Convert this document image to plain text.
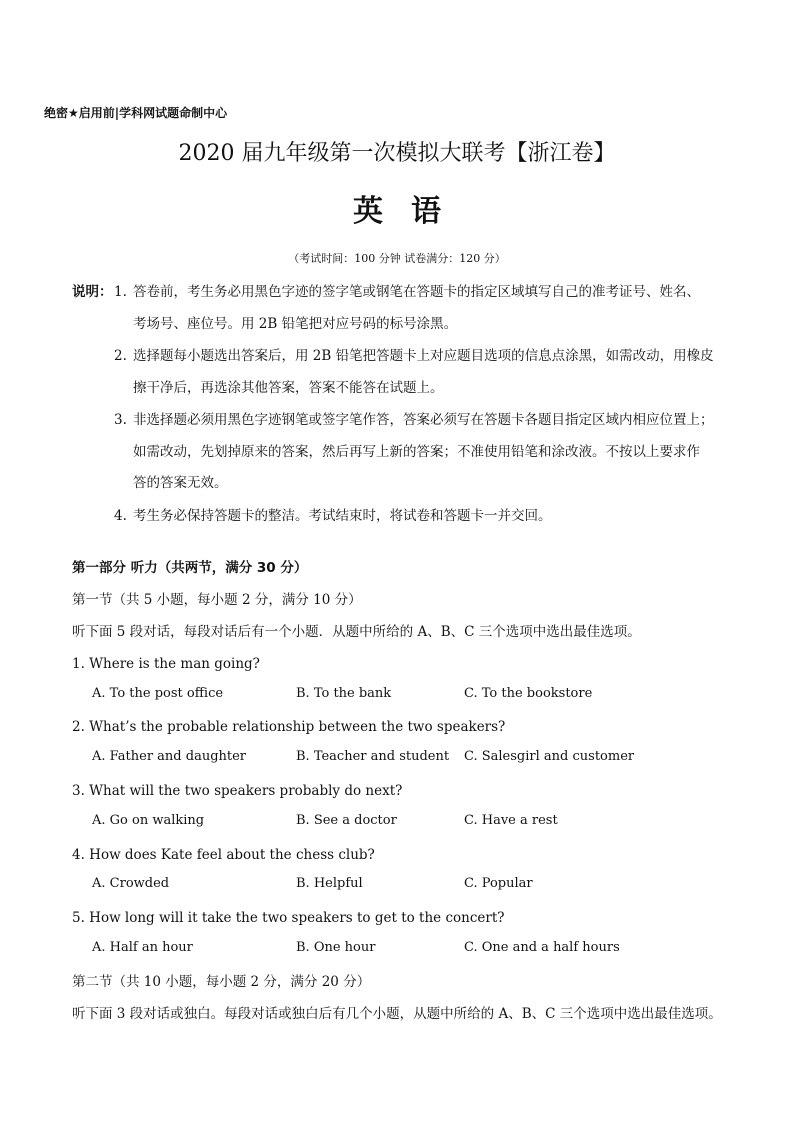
绝密★启用前|学科网试题命制中心
2020 届九年级第一次模拟大联考【浙江卷】
英语
（考试时间：100 分钟 试卷满分：120 分）
说明： 1. 答卷前，考生务必用黑色字迹的签字笔或钢笔在答题卡的指定区域填写自己的准考证号、姓名、
考场号、座位号。用 2B 铅笔把对应号码的标号涂黑。
2. 选择题每小题选出答案后，用 2B 铅笔把答题卡上对应题目选项的信息点涂黑，如需改动，用橡皮
擦干净后，再选涂其他答案，答案不能答在试题上。
3. 非选择题必须用黑色字迹钢笔或签字笔作答，答案必须写在答题卡各题目指定区域内相应位置上；
如需改动，先划掉原来的答案，然后再写上新的答案；不准使用铅笔和涂改液。不按以上要求作
答的答案无效。
4. 考生务必保持答题卡的整洁。考试结束时，将试卷和答题卡一并交回。
第一部分 听力（共两节，满分 30 分）
第一节（共 5 小题，每小题 2 分，满分 10 分）
听下面 5 段对话，每段对话后有一个小题．从题中所给的 A、B、C 三个选项中选出最佳选项。
1. Where is the man going?
A. To the post office	B. To the bank	C. To the bookstore
2. What’s the probable relationship between the two speakers?
A. Father and daughter	B. Teacher and student C. Salesgirl and customer
3. What will the two speakers probably do next?
A. Go on walking	B. See a doctor	C. Have a rest
4. How does Kate feel about the chess club?
A. Crowded	B. Helpful	C. Popular
5. How long will it take the two speakers to get to the concert?
A. Half an hour	B. One hour	C. One and a half hours
第二节（共 10 小题，每小题 2 分，满分 20 分）
听下面 3 段对话或独白。每段对话或独白后有几个小题，从题中所给的 A、B、C 三个选项中选出最佳选项。
